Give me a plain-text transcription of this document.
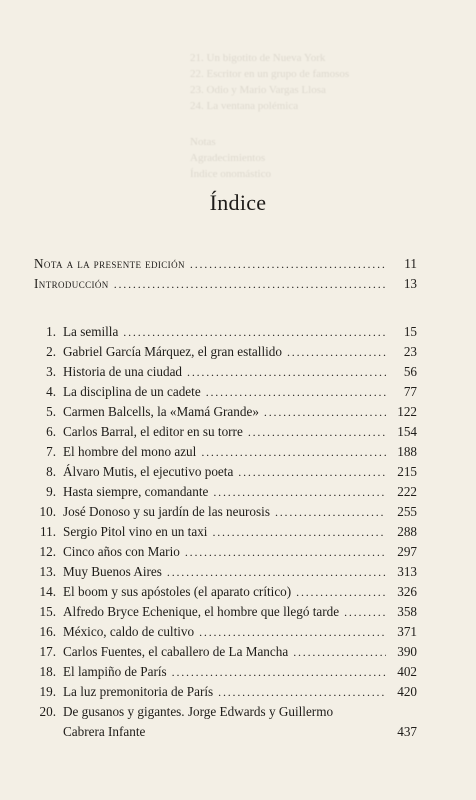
21. Un bigotito de Nueva York
22. Escritor en un grupo de famosos
23. Odio y Mario Vargas Llosa
24. La ventana polémica
Notas
Agradecimientos
Índice onomástico
Índice
Nota a la presente edición . . .	11
Introducción . . .	13
1. La semilla . . .	15
2. Gabriel García Márquez, el gran estallido . . .	23
3. Historia de una ciudad . . .	56
4. La disciplina de un cadete . . .	77
5. Carmen Balcells, la «Mamá Grande» . . .	122
6. Carlos Barral, el editor en su torre . . .	154
7. El hombre del mono azul . . .	188
8. Álvaro Mutis, el ejecutivo poeta . . .	215
9. Hasta siempre, comandante . . .	222
10. José Donoso y su jardín de las neurosis . . .	255
11. Sergio Pitol vino en un taxi . . .	288
12. Cinco años con Mario . . .	297
13. Muy Buenos Aires . . .	313
14. El boom y sus apóstoles (el aparato crítico) . . .	326
15. Alfredo Bryce Echenique, el hombre que llegó tarde . . .	358
16. México, caldo de cultivo . . .	371
17. Carlos Fuentes, el caballero de La Mancha . . .	390
18. El lampiño de París . . .	402
19. La luz premonitoria de París . . .	420
20. De gusanos y gigantes. Jorge Edwards y Guillermo
Cabrera Infante	437
